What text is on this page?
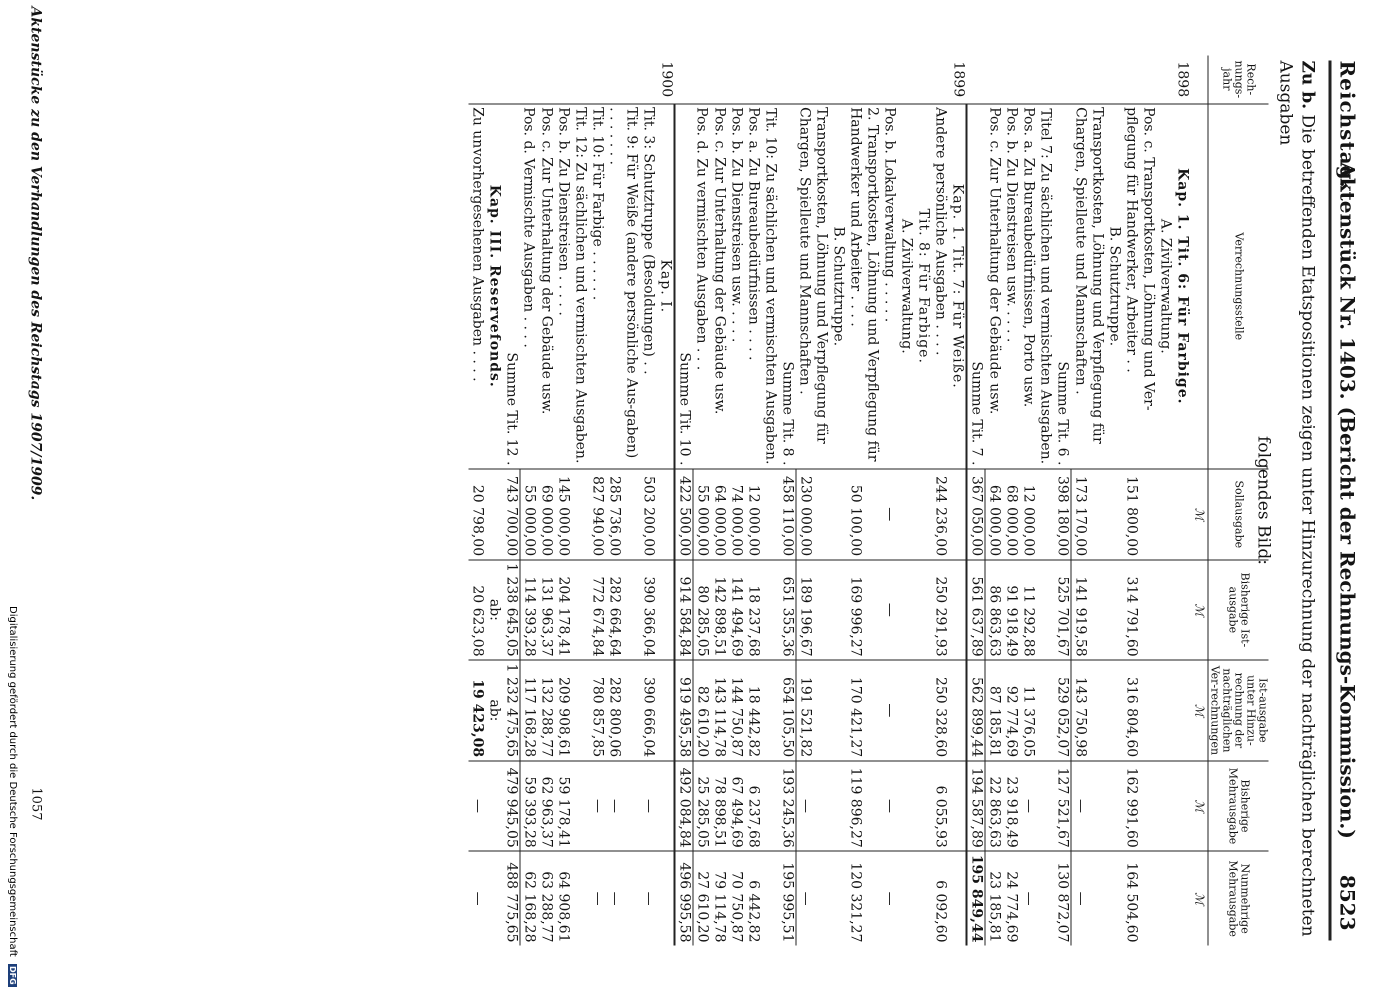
Reichstag.
Aktenstück Nr. 1403. (Bericht der Rechnungs-Kommission.)
8523
Zu b. Die betreffenden Etatspositionen zeigen unter Hinzurechnung der nachträglichen berechneten Ausgaben
folgendes Bild:
Rech- nungs- jahr	Verrechnungsstelle	Sollausgabe	Bisherige Ist-ausgabe	Ist-ausgabe unter Hinzu-rechnung der nachträglichen Ver-rechnungen	Bisherige Mehrausgabe	Nunmehrige Mehrausgabe
		ℳ	ℳ	ℳ	ℳ	ℳ
1898	Kap. 1. Tit. 6: Für Farbige.					
	A. Zivilverwaltung.					
	Pos. c. Transportkosten, Löhnung und Ver-pflegung für Handwerker, Arbeiter . .	151 800,00	314 791,60	316 804,60	162 991,60	164 504,60
	B. Schutztruppe.					
	Transportkosten, Löhnung und Verpflegung für Chargen, Spielleute und Mannschaften .	173 170,00	141 919,58	143 750,98	—	—
	Summe Tit. 6 .	398 180,00	525 701,67	529 052,07	127 521,67	130 872,07
	Titel 7: Zu sächlichen und vermischten Ausgaben.					
	Pos. a. Zu Bureaubedürfnissen, Porto usw.	12 000,00	11 292,88	11 376,05	—	—
	Pos. b. Zu Dienstreisen usw. . . . .	68 000,00	91 918,49	92 774,69	23 918,49	24 774,69
	Pos. c. Zur Unterhaltung der Gebäude usw.	64 000,00	86 863,63	87 185,81	22 863,63	23 185,81
	Summe Tit. 7 .	367 050,00	561 637,89	562 899,44	194 587,89	195 849,44
1899	Kap. 1. Tit. 7: Für Weiße.					
	Andere persönliche Ausgaben . . . .	244 236,00	250 291,93	250 328,60	6 055,93	6 092,60
	Tit. 8: Für Farbige.					
	A. Zivilverwaltung.					
	Pos. b. Lokalverwaltung . . . . .	—	—	—	—	—
	2. Transportkosten, Löhnung und Verpflegung für Handwerker und Arbeiter . . . .	50 100,00	169 996,27	170 421,27	119 896,27	120 321,27
	B. Schutztruppe.					
	Transportkosten, Löhnung und Verpflegung für Chargen, Spielleute und Mannschaften .	230 000,00	189 196,67	191 521,82	—	—
	Summe Tit. 8 .	458 110,00	651 355,36	654 105,50	193 245,36	195 995,51
	Tit. 10: Zu sächlichen und vermischten Ausgaben.					
	Pos. a. Zu Bureaubedürfnissen . . . .	12 000,00	18 237,68	18 442,82	6 237,68	6 442,82
	Pos. b. Zu Dienstreisen usw. . . . .	74 000,00	141 494,69	144 750,87	67 494,69	70 750,87
	Pos. c. Zur Unterhaltung der Gebäude usw.	64 000,00	142 898,51	143 114,78	78 898,51	79 114,78
	Pos. d. Zu vermischten Ausgaben . . .	55 000,00	80 285,05	82 610,20	25 285,05	27 610,20
	Summe Tit. 10 .	422 500,00	914 584,84	919 495,58	492 084,84	496 995,58
1900	Kap. I.					
	Tit. 3: Schutztruppe (Besoldungen) . .	503 200,00	390 366,04	390 666,04	—	—
	Tit. 9: Für Weiße (andere persönliche Aus-gaben) . . . . . . .	285 736,00	282 664,64	282 800,06	—	—
	Tit. 10: Für Farbige . . . . . .	827 940,00	772 674,84	780 857,85	—	—
	Tit. 12: Zu sächlichen und vermischten Ausgaben.					
	Pos. b. Zu Dienstreisen . . . . .	145 000,00	204 178,41	209 908,61	59 178,41	64 908,61
	Pos. c. Zur Unterhaltung der Gebäude usw.	69 000,00	131 963,37	132 288,77	62 963,37	63 288,77
	Pos. d. Vermischte Ausgaben . . . .	55 000,00	114 393,28	117 168,28	59 393,28	62 168,28
	Summe Tit. 12 .	743 700,00	1 238 645,05	1 232 475,65	479 945,05	488 775,65
	Kap. III. Reservefonds.		ab:	ab:		
	Zu unvorhergesehenen Ausgaben . . . .	20 798,00	20 623,08	19 423,08	—	—
Aktenstücke zu den Verhandlungen des Reichstags 1907/1909.
1057
Digitalisierung gefördert durch die Deutsche Forschungsgemeinschaft DFG
